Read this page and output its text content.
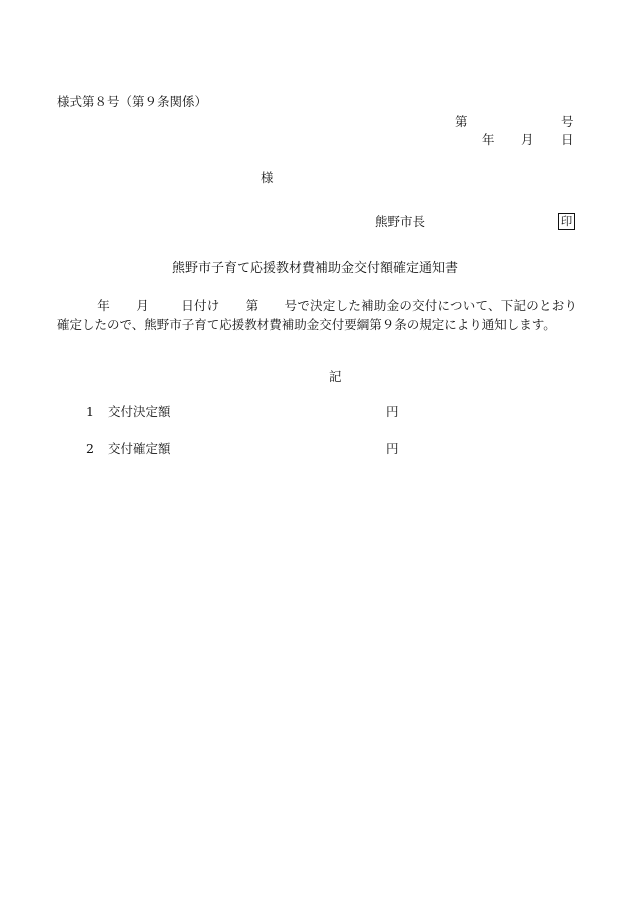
様式第８号（第９条関係）
第	号
年 月 日
様
熊野市長	印
熊野市子育て応援教材費補助金交付額確定通知書
年 月	日付け 第 号で決定した補助金の交付について、下記のとおり確定したので、熊野市子育て応援教材費補助金交付要綱第９条の規定により通知します。
記
1 交付決定額	円
2 交付確定額	円
